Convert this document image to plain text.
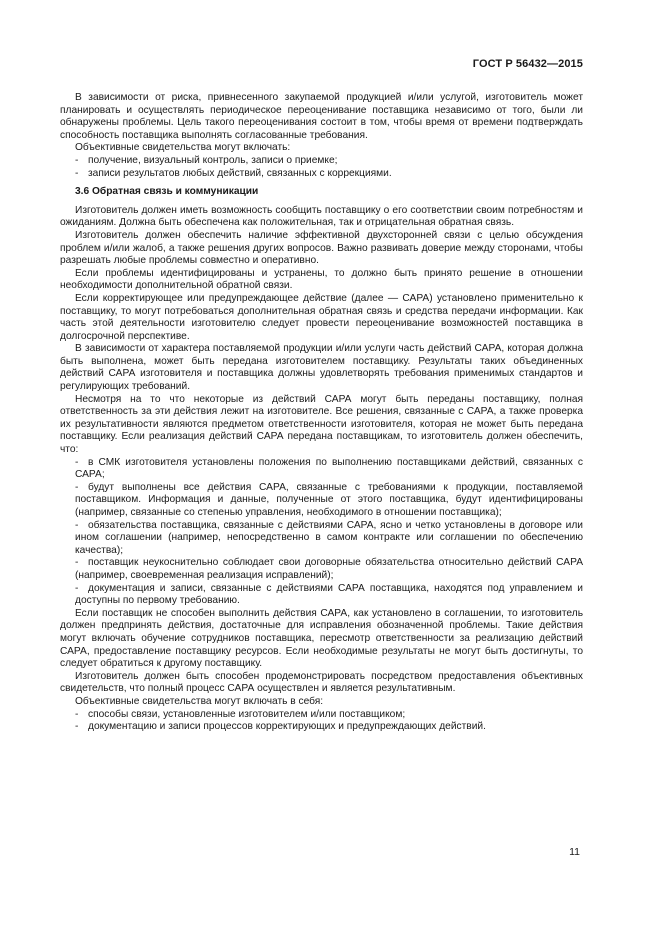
ГОСТ Р 56432—2015

В зависимости от риска, привнесенного закупаемой продукцией и/или услугой, изготовитель может планировать и осуществлять периодическое переоценивание поставщика независимо от того, были ли обнаружены проблемы. Цель такого переоценивания состоит в том, чтобы время от времени подтверждать способность поставщика выполнять согласованные требования.

Объективные свидетельства могут включать:

- получение, визуальный контроль, записи о приемке;

- записи результатов любых действий, связанных с коррекциями.

3.6 Обратная связь и коммуникации

Изготовитель должен иметь возможность сообщить поставщику о его соответствии своим потребностям и ожиданиям. Должна быть обеспечена как положительная, так и отрицательная обратная связь.

Изготовитель должен обеспечить наличие эффективной двухсторонней связи с целью обсуждения проблем и/или жалоб, а также решения других вопросов. Важно развивать доверие между сторонами, чтобы разрешать любые проблемы совместно и оперативно.

Если проблемы идентифицированы и устранены, то должно быть принято решение в отношении необходимости дополнительной обратной связи.

Если корректирующее или предупреждающее действие (далее — САРА) установлено применительно к поставщику, то могут потребоваться дополнительная обратная связь и средства передачи информации. Как часть этой деятельности изготовителю следует провести переоценивание возможностей поставщика в долгосрочной перспективе.

В зависимости от характера поставляемой продукции и/или услуги часть действий САРА, которая должна быть выполнена, может быть передана изготовителем поставщику. Результаты таких объединенных действий САРА изготовителя и поставщика должны удовлетворять требования применимых стандартов и регулирующих требований.

Несмотря на то что некоторые из действий САРА могут быть переданы поставщику, полная ответственность за эти действия лежит на изготовителе. Все решения, связанные с САРА, а также проверка их результативности являются предметом ответственности изготовителя, которая не может быть передана поставщику. Если реализация действий САРА передана поставщикам, то изготовитель должен обеспечить, что:

- в СМК изготовителя установлены положения по выполнению поставщиками действий, связанных с САРА;

- будут выполнены все действия САРА, связанные с требованиями к продукции, поставляемой поставщиком. Информация и данные, полученные от этого поставщика, будут идентифицированы (например, связанные со степенью управления, необходимого в отношении поставщика);

- обязательства поставщика, связанные с действиями САРА, ясно и четко установлены в договоре или ином соглашении (например, непосредственно в самом контракте или соглашении по обеспечению качества);

- поставщик неукоснительно соблюдает свои договорные обязательства относительно действий САРА (например, своевременная реализация исправлений);

- документация и записи, связанные с действиями САРА поставщика, находятся под управлением и доступны по первому требованию.

Если поставщик не способен выполнить действия САРА, как установлено в соглашении, то изготовитель должен предпринять действия, достаточные для исправления обозначенной проблемы. Такие действия могут включать обучение сотрудников поставщика, пересмотр ответственности за реализацию действий САРА, предоставление поставщику ресурсов. Если необходимые результаты не могут быть достигнуты, то следует обратиться к другому поставщику.

Изготовитель должен быть способен продемонстрировать посредством предоставления объективных свидетельств, что полный процесс САРА осуществлен и является результативным.

Объективные свидетельства могут включать в себя:

- способы связи, установленные изготовителем и/или поставщиком;

- документацию и записи процессов корректирующих и предупреждающих действий.

11
